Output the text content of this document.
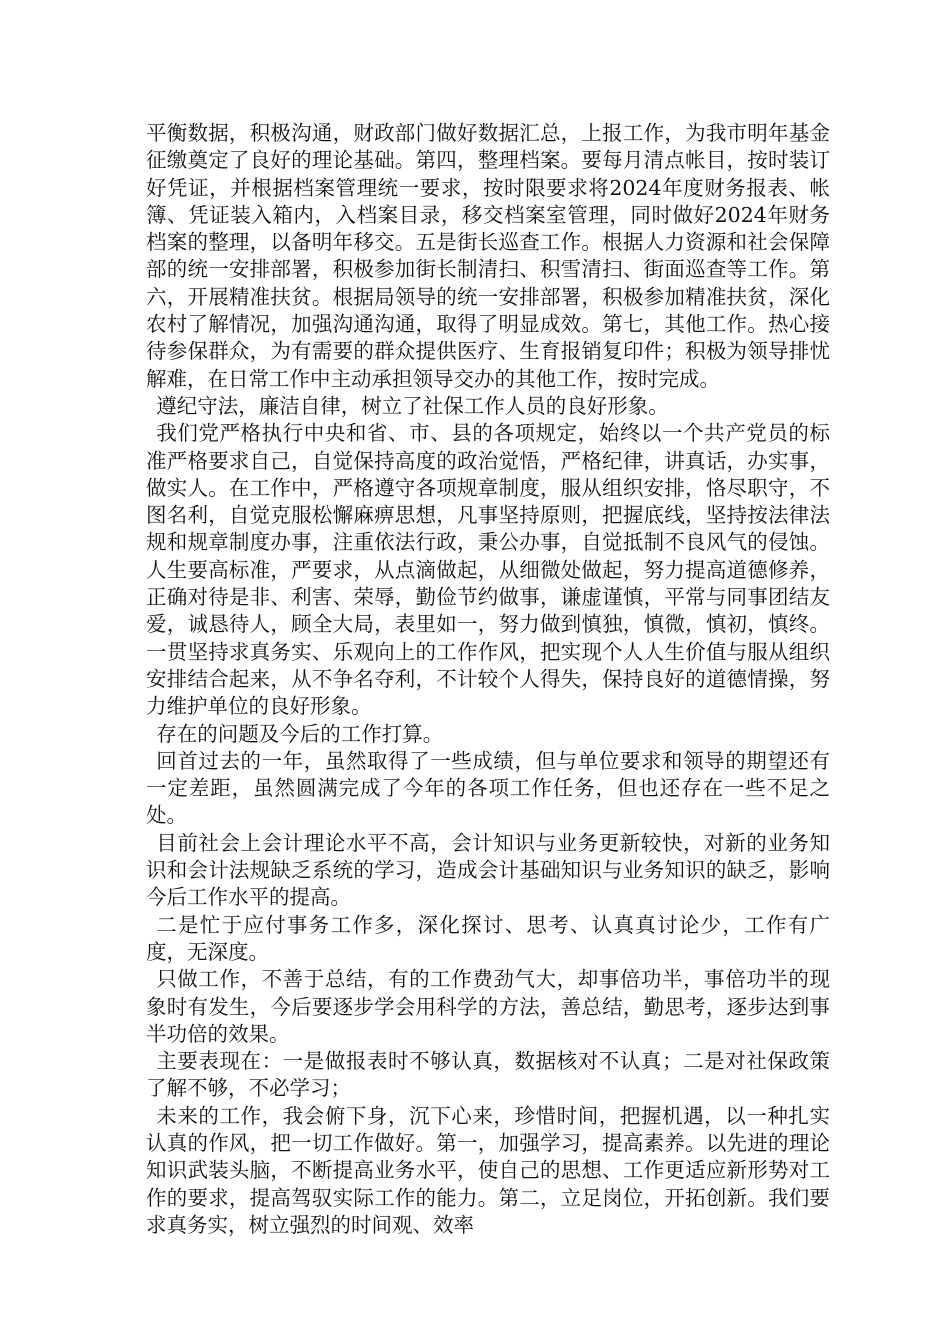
平衡数据，积极沟通，财政部门做好数据汇总，上报工作，为我市明年基金征缴奠定了良好的理论基础。第四，整理档案。要每月清点帐目，按时装订好凭证，并根据档案管理统一要求，按时限要求将2024年度财务报表、帐簿、凭证装入箱内，入档案目录，移交档案室管理，同时做好2024年财务档案的整理，以备明年移交。五是街长巡查工作。根据人力资源和社会保障部的统一安排部署，积极参加街长制清扫、积雪清扫、街面巡查等工作。第六，开展精准扶贫。根据局领导的统一安排部署，积极参加精准扶贫，深化农村了解情况，加强沟通沟通，取得了明显成效。第七，其他工作。热心接待参保群众，为有需要的群众提供医疗、生育报销复印件；积极为领导排忧解难，在日常工作中主动承担领导交办的其他工作，按时完成。

遵纪守法，廉洁自律，树立了社保工作人员的良好形象。

我们党严格执行中央和省、市、县的各项规定，始终以一个共产党员的标准严格要求自己，自觉保持高度的政治觉悟，严格纪律，讲真话，办实事，做实人。在工作中，严格遵守各项规章制度，服从组织安排，恪尽职守，不图名利，自觉克服松懈麻痹思想，凡事坚持原则，把握底线，坚持按法律法规和规章制度办事，注重依法行政，秉公办事，自觉抵制不良风气的侵蚀。人生要高标准，严要求，从点滴做起，从细微处做起，努力提高道德修养，正确对待是非、利害、荣辱，勤俭节约做事，谦虚谨慎，平常与同事团结友爱，诚恳待人，顾全大局，表里如一，努力做到慎独，慎微，慎初，慎终。一贯坚持求真务实、乐观向上的工作作风，把实现个人人生价值与服从组织安排结合起来，从不争名夺利，不计较个人得失，保持良好的道德情操，努力维护单位的良好形象。

存在的问题及今后的工作打算。

回首过去的一年，虽然取得了一些成绩，但与单位要求和领导的期望还有一定差距，虽然圆满完成了今年的各项工作任务，但也还存在一些不足之处。

目前社会上会计理论水平不高，会计知识与业务更新较快，对新的业务知识和会计法规缺乏系统的学习，造成会计基础知识与业务知识的缺乏，影响今后工作水平的提高。

二是忙于应付事务工作多，深化探讨、思考、认真真讨论少，工作有广度，无深度。

只做工作，不善于总结，有的工作费劲气大，却事倍功半，事倍功半的现象时有发生，今后要逐步学会用科学的方法，善总结，勤思考，逐步达到事半功倍的效果。

主要表现在：一是做报表时不够认真，数据核对不认真；二是对社保政策了解不够，不必学习；

未来的工作，我会俯下身，沉下心来，珍惜时间，把握机遇，以一种扎实认真的作风，把一切工作做好。第一，加强学习，提高素养。以先进的理论知识武装头脑，不断提高业务水平，使自己的思想、工作更适应新形势对工作的要求，提高驾驭实际工作的能力。第二，立足岗位，开拓创新。我们要求真务实，树立强烈的时间观、效率
